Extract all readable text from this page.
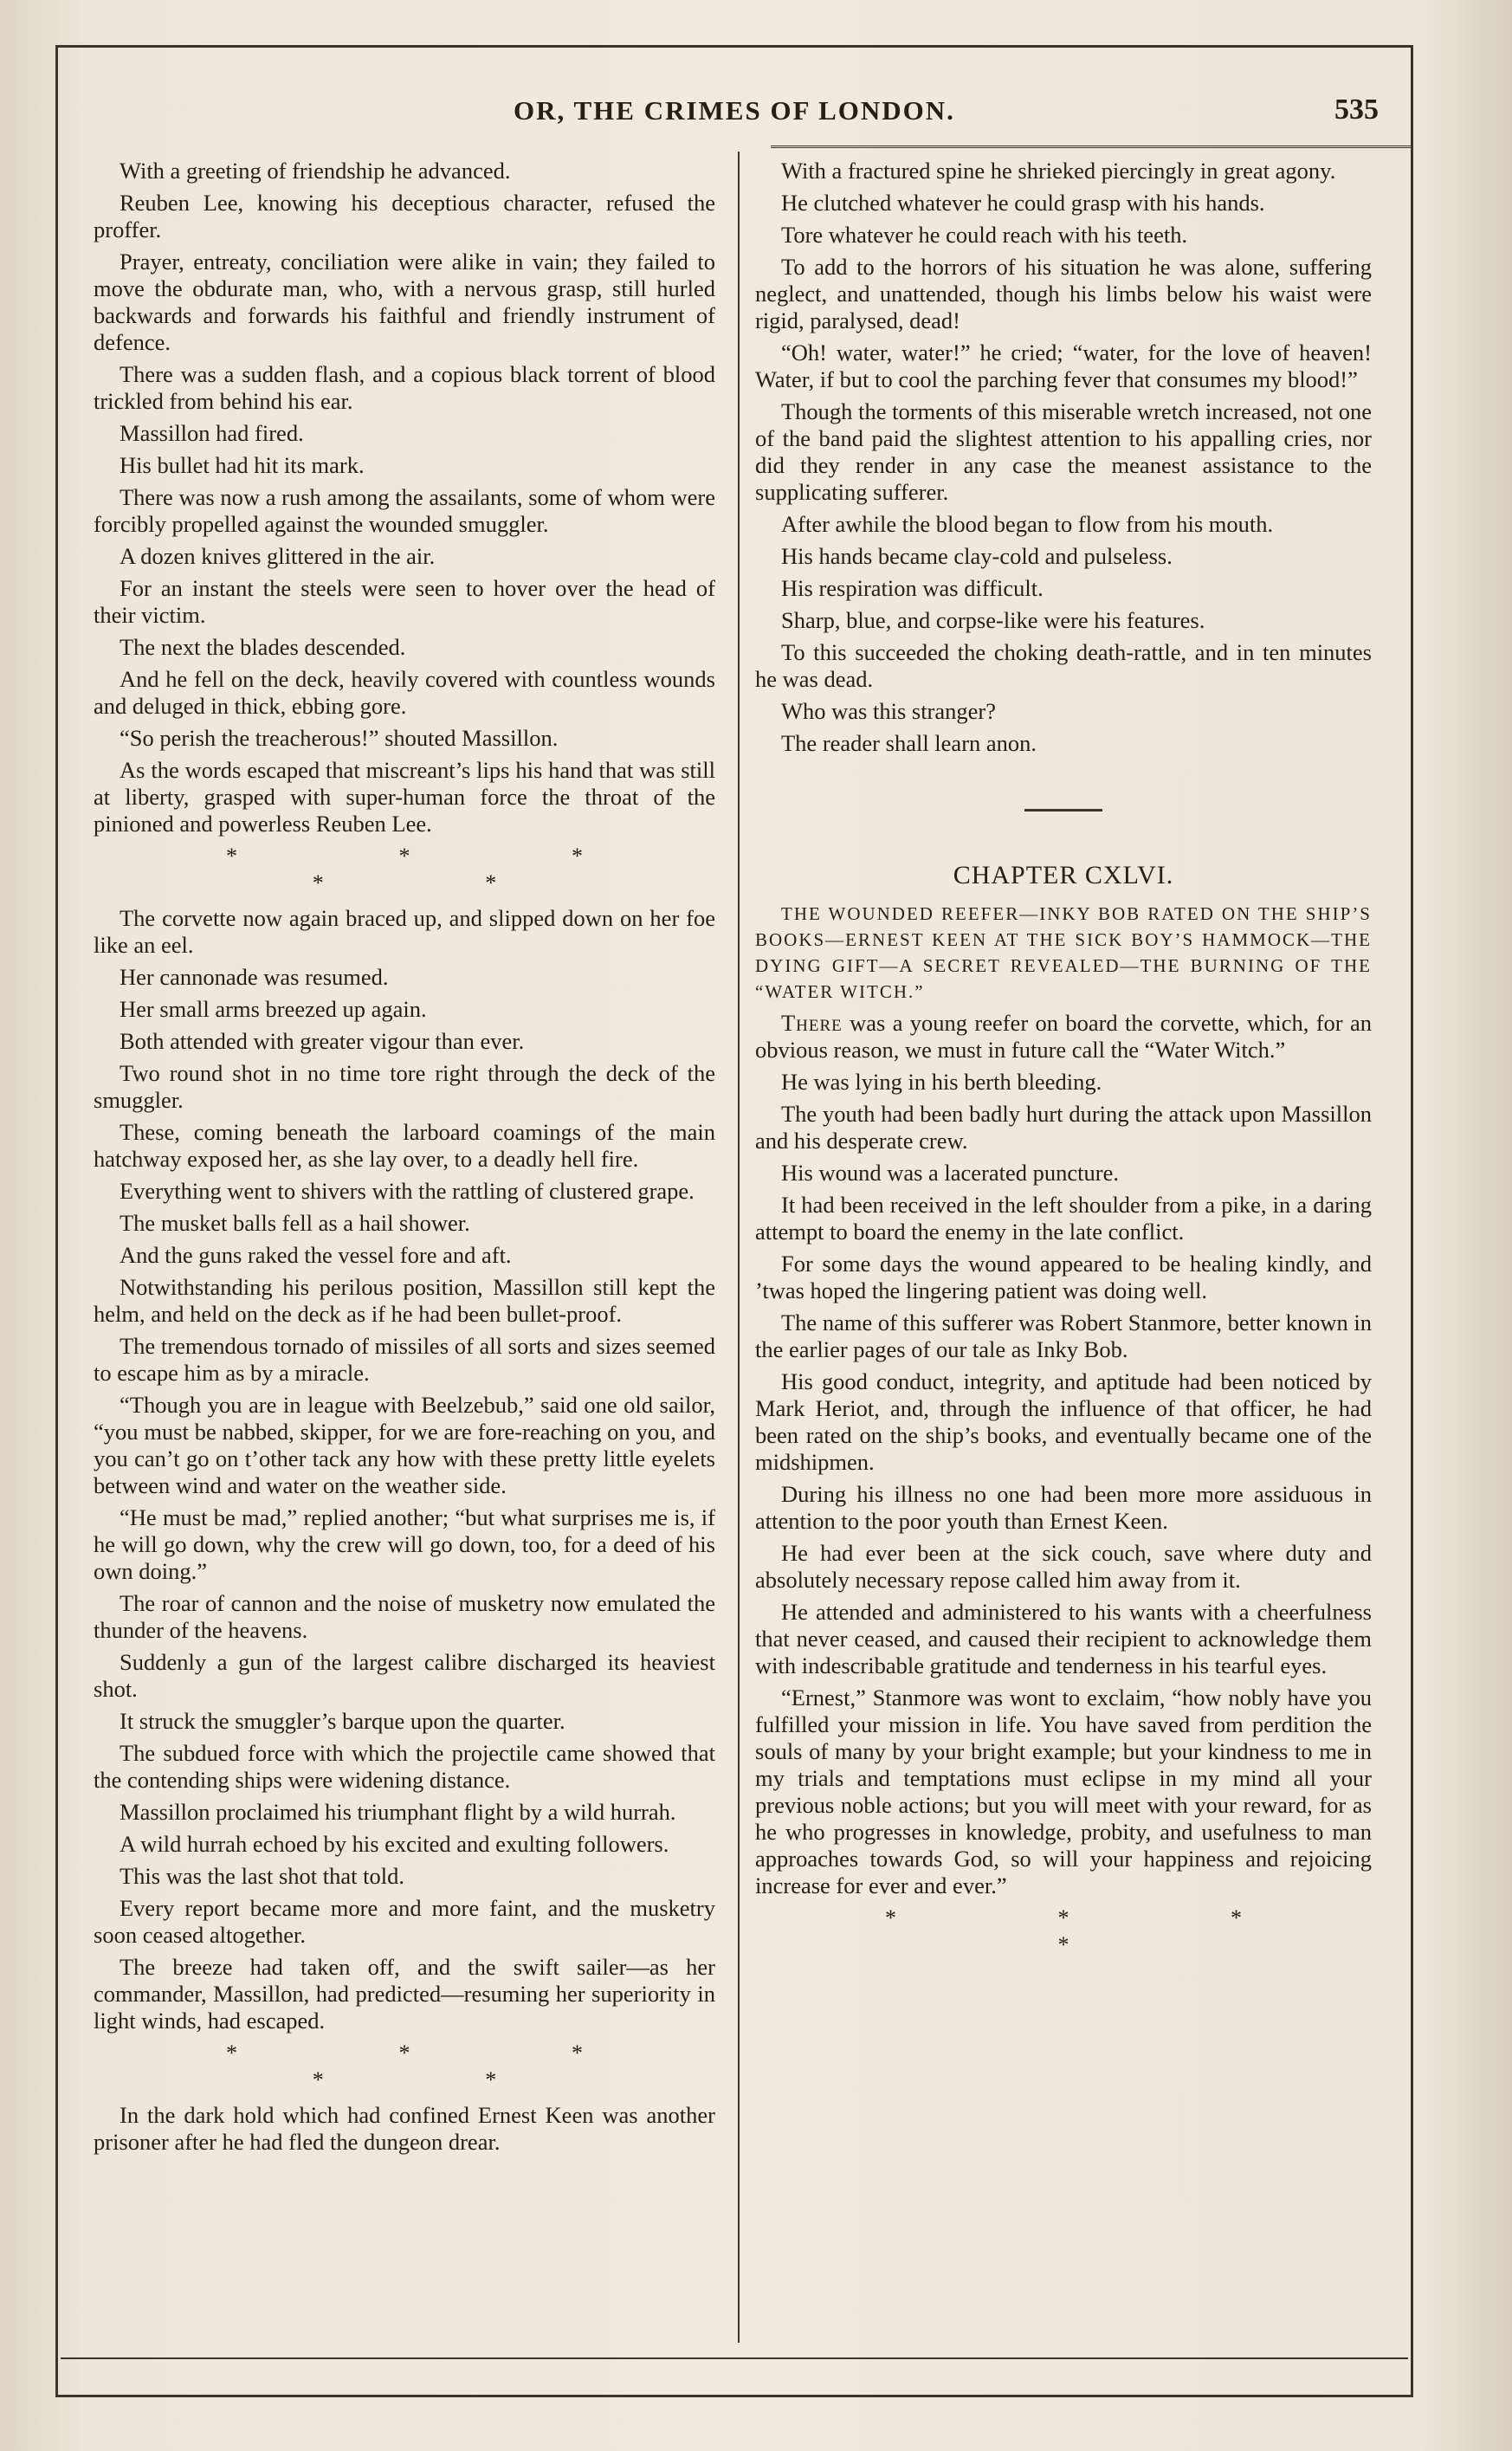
OR, THE CRIMES OF LONDON.	535

With a greeting of friendship he advanced.

Reuben Lee, knowing his deceptious character, refused the proffer.

Prayer, entreaty, conciliation were alike in vain; they failed to move the obdurate man, who, with a nervous grasp, still hurled backwards and forwards his faithful and friendly instrument of defence.

There was a sudden flash, and a copious black torrent of blood trickled from behind his ear.

Massillon had fired.

His bullet had hit its mark.

There was now a rush among the assailants, some of whom were forcibly propelled against the wounded smuggler.

A dozen knives glittered in the air.

For an instant the steels were seen to hover over the head of their victim.

The next the blades descended.

And he fell on the deck, heavily covered with countless wounds and deluged in thick, ebbing gore.

“So perish the treacherous!” shouted Massillon.

As the words escaped that miscreant’s lips his hand that was still at liberty, grasped with super-human force the throat of the pinioned and powerless Reuben Lee.

* * * * *

The corvette now again braced up, and slipped down on her foe like an eel.

Her cannonade was resumed.

Her small arms breezed up again.

Both attended with greater vigour than ever.

Two round shot in no time tore right through the deck of the smuggler.

These, coming beneath the larboard coamings of the main hatchway exposed her, as she lay over, to a deadly hell fire.

Everything went to shivers with the rattling of clustered grape.

The musket balls fell as a hail shower.

And the guns raked the vessel fore and aft.

Notwithstanding his perilous position, Massillon still kept the helm, and held on the deck as if he had been bullet-proof.

The tremendous tornado of missiles of all sorts and sizes seemed to escape him as by a miracle.

“Though you are in league with Beelzebub,” said one old sailor, “you must be nabbed, skipper, for we are fore-reaching on you, and you can’t go on t’other tack any how with these pretty little eyelets between wind and water on the weather side.

“He must be mad,” replied another; “but what surprises me is, if he will go down, why the crew will go down, too, for a deed of his own doing.”

The roar of cannon and the noise of musketry now emulated the thunder of the heavens.

Suddenly a gun of the largest calibre discharged its heaviest shot.

It struck the smuggler’s barque upon the quarter.

The subdued force with which the projectile came showed that the contending ships were widening distance.

Massillon proclaimed his triumphant flight by a wild hurrah.

A wild hurrah echoed by his excited and exulting followers.

This was the last shot that told.

Every report became more and more faint, and the musketry soon ceased altogether.

The breeze had taken off, and the swift sailer—as her commander, Massillon, had predicted—resuming her superiority in light winds, had escaped.

* * * * *

In the dark hold which had confined Ernest Keen was another prisoner after he had fled the dungeon drear.

With a fractured spine he shrieked piercingly in great agony.

He clutched whatever he could grasp with his hands.

Tore whatever he could reach with his teeth.

To add to the horrors of his situation he was alone, suffering neglect, and unattended, though his limbs below his waist were rigid, paralysed, dead!

“Oh! water, water!” he cried; “water, for the love of heaven! Water, if but to cool the parching fever that consumes my blood!”

Though the torments of this miserable wretch increased, not one of the band paid the slightest attention to his appalling cries, nor did they render in any case the meanest assistance to the supplicating sufferer.

After awhile the blood began to flow from his mouth.

His hands became clay-cold and pulseless.

His respiration was difficult.

Sharp, blue, and corpse-like were his features.

To this succeeded the choking death-rattle, and in ten minutes he was dead.

Who was this stranger?

The reader shall learn anon.

CHAPTER CXLVI.

THE WOUNDED REEFER—INKY BOB RATED ON THE SHIP’S BOOKS—ERNEST KEEN AT THE SICK BOY’S HAMMOCK—THE DYING GIFT—A SECRET REVEALED—THE BURNING OF THE “WATER WITCH.”

There was a young reefer on board the corvette, which, for an obvious reason, we must in future call the “Water Witch.”

He was lying in his berth bleeding.

The youth had been badly hurt during the attack upon Massillon and his desperate crew.

His wound was a lacerated puncture.

It had been received in the left shoulder from a pike, in a daring attempt to board the enemy in the late conflict.

For some days the wound appeared to be healing kindly, and ’twas hoped the lingering patient was doing well.

The name of this sufferer was Robert Stanmore, better known in the earlier pages of our tale as Inky Bob.

His good conduct, integrity, and aptitude had been noticed by Mark Heriot, and, through the influence of that officer, he had been rated on the ship’s books, and eventually became one of the midshipmen.

During his illness no one had been more more assiduous in attention to the poor youth than Ernest Keen.

He had ever been at the sick couch, save where duty and absolutely necessary repose called him away from it.

He attended and administered to his wants with a cheerfulness that never ceased, and caused their recipient to acknowledge them with indescribable gratitude and tenderness in his tearful eyes.

“Ernest,” Stanmore was wont to exclaim, “how nobly have you fulfilled your mission in life. You have saved from perdition the souls of many by your bright example; but your kindness to me in my trials and temptations must eclipse in my mind all your previous noble actions; but you will meet with your reward, for as he who progresses in knowledge, probity, and usefulness to man approaches towards God, so will your happiness and rejoicing increase for ever and ever.”

* * * *
